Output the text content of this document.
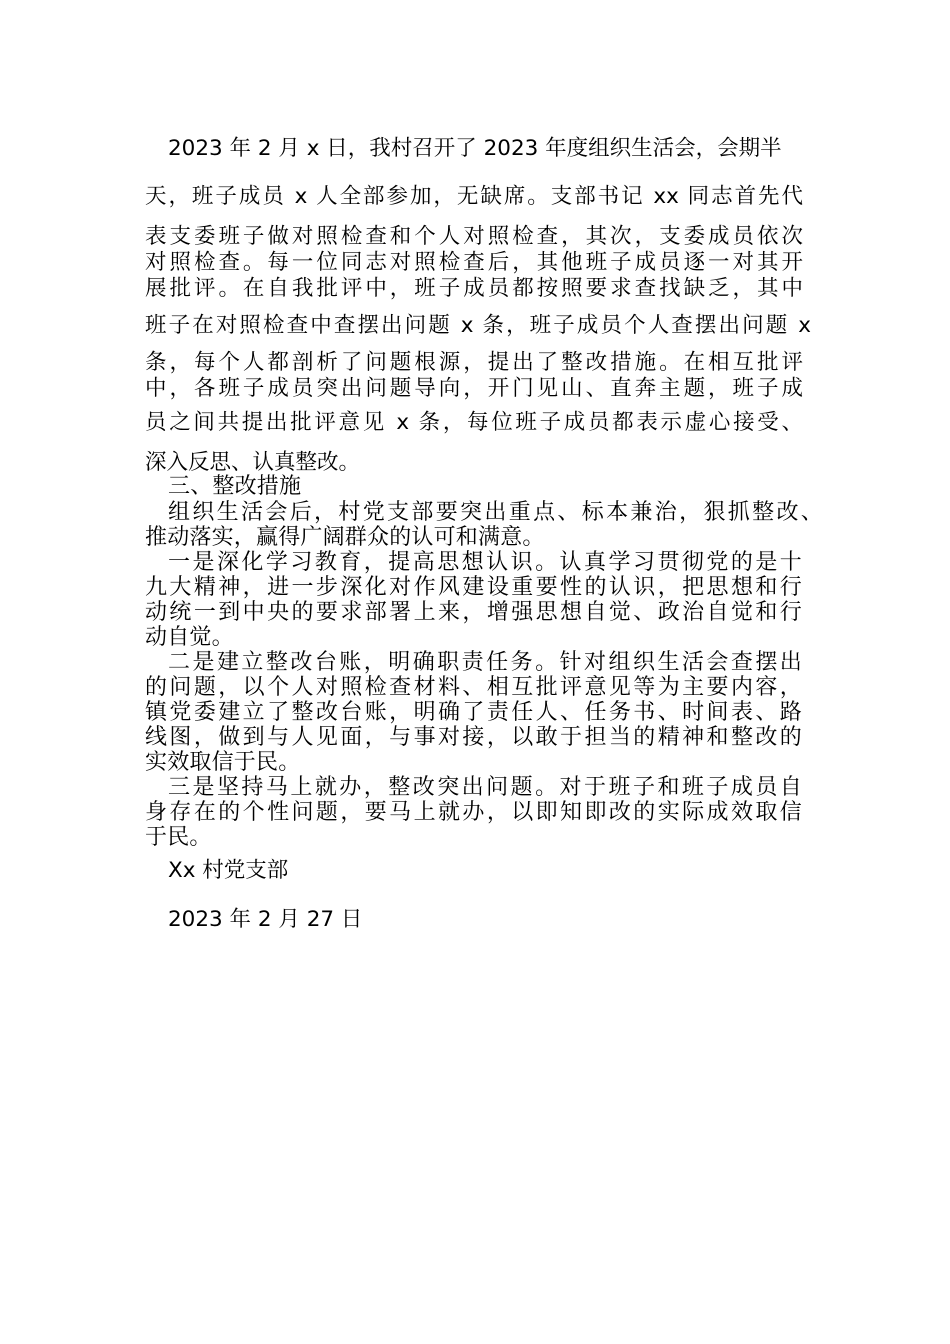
2023 年 2 月 x 日，我村召开了 2023 年度组织生活会，会期半
天，班子成员 x 人全部参加，无缺席。支部书记 xx 同志首先代
表支委班子做对照检查和个人对照检查，其次，支委成员依次
对照检查。每一位同志对照检查后，其他班子成员逐一对其开
展批评。在自我批评中，班子成员都按照要求查找缺乏，其中
班子在对照检查中查摆出问题 x 条，班子成员个人查摆出问题 x
条，每个人都剖析了问题根源，提出了整改措施。在相互批评
中，各班子成员突出问题导向，开门见山、直奔主题，班子成
员之间共提出批评意见 x 条，每位班子成员都表示虚心接受、
深入反思、认真整改。
三、整改措施
组织生活会后，村党支部要突出重点、标本兼治，狠抓整改、
推动落实，赢得广阔群众的认可和满意。
一是深化学习教育，提高思想认识。认真学习贯彻党的是十
九大精神，进一步深化对作风建设重要性的认识，把思想和行
动统一到中央的要求部署上来，增强思想自觉、政治自觉和行
动自觉。
二是建立整改台账，明确职责任务。针对组织生活会查摆出
的问题，以个人对照检查材料、相互批评意见等为主要内容，
镇党委建立了整改台账，明确了责任人、任务书、时间表、路
线图，做到与人见面，与事对接，以敢于担当的精神和整改的
实效取信于民。
三是坚持马上就办，整改突出问题。对于班子和班子成员自
身存在的个性问题，要马上就办，以即知即改的实际成效取信
于民。
Xx 村党支部
2023 年 2 月 27 日
